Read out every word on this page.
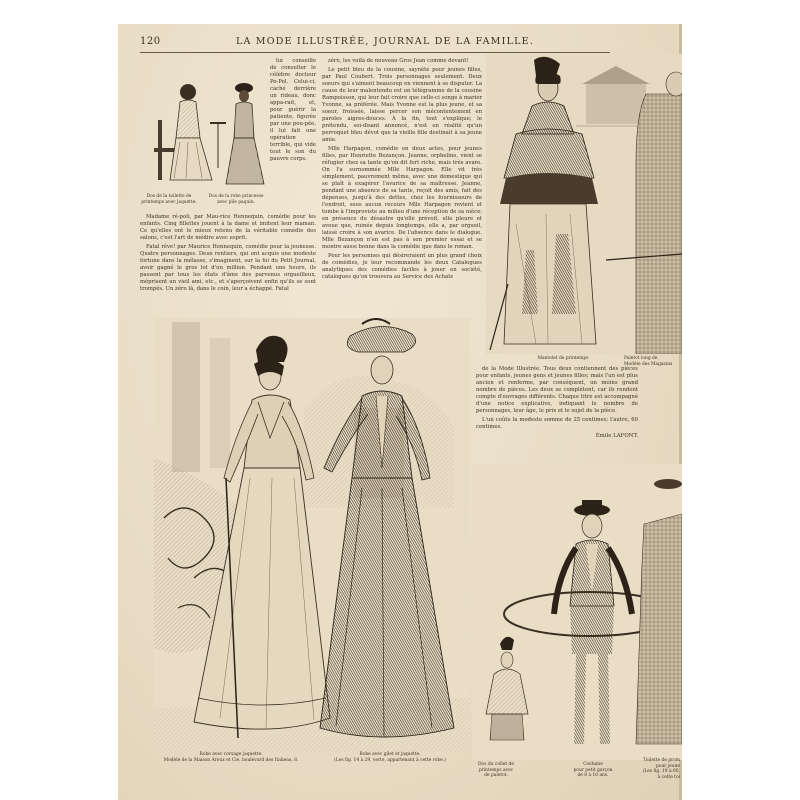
120	LA MODE ILLUSTRÉE, JOURNAL DE LA FAMILLE.
Dos de la toilette de printemps avec jaquette.
Dos de la robe princesse avec pile paquin.

lui conseille de consulter le célèbre docteur Po-Pol. Celui-ci, caché derrière un rideau, donc appa-rait, et, pour guérir la patiente, figurée par une pou-pée, il lui fait une opération terrible, qui vide tout le son du pauvre corps.

Madame ré-poli, par Mau-rice Hennequin, comédie pour les enfants. Cinq fillettes jouent à la dame et imitent leur maman. Ce qu'elles ont le mieux retenu de la véritable comédie des salons, c'est l'art de médire avec esprit.

Fatal rêve! par Maurice Hennequin, comédie pour la jeunesse. Quatre personnages. Deux rentiers, qui ont acquis une modeste fortune dans la mélasse, s'imaginent, sur la foi du Petit Journal, avoir gagné le gros lot d'un million. Pendant une heure, ils passent par tous les états d'âme des parvenus orgueilleux, méprisent un vieil ami, etc., et s'aperçoivent enfin qu'ils se sont trompés. Un zéro là, dans le coin, leur a échappé. Fatal

zéro, les voilà de nouveau Gros Jean comme devant!

Le petit bleu de la cousine, saynète pour jeunes filles, par Paul Coubert. Trois personnages seulement. Deux soeurs qui s'aiment beaucoup en viennent à se disputer. La cause de leur malentendu est un télégramme de la cousine Rampoisson, qui leur fait croire que celle-ci songe à marier Yvonne, sa préférée. Mais Yvonne est la plus jeune, et sa soeur, froissée, laisse percer son mécontentement en paroles aigres-douces. À la fin, tout s'explique; le prétendu, soi-disant annoncé, n'est en réalité qu'un perroquet bleu dévot que la vieille fille destinait à sa jeune amie.

Mlle Harpagon, comédie en deux actes, pour jeunes filles, par Henriette Bezançon. Jeanne, orpheline, vient se réfugier chez sa tante qu'on dit fort riche, mais très avare. On l'a surnommée Mlle Harpagon. Elle vit très simplement, pauvrement même, avec une domestique qui se plaît à exagérer l'avarice de sa maîtresse. Jeanne, pendant une absence de sa tante, reçoit des amis, fait des dépenses, jusqu'à des dettes, chez les fournisseurs de l'endroit, sous aucun recours Mlle Harpagon revient et tombe à l'improviste au milieu d'une réception de sa nièce; en présence du désastre qu'elle prévoit, elle pleure et avoue que, ruinée depuis longtemps, elle a, par orgueil, laissé croire à son avarice. De l'absence dans le dialogue. Mlle Bezançon n'en est pas à son premier essai et se montre aussi bonne dans la comédie que dans le roman.

Pour les personnes qui désireraient un plus grand choix de comédies, je leur recommande les deux Catalogues analytiques des comédies faciles à jouer en société, catalogues qu'on trouvera au Service des Achats

Mantelet de printemps	Paletot long de
Modèle des Magasins
Robe avec corsage jaquette.
Modèle de la Maison Aroux et Cie, boulevard des Italiens, 8.
Robe avec gilet et jaquette.
(Les fig. 14 à 29, verte, appartenant à cette robe.)

de la Mode Illustrée. Tous deux contiennent des pièces pour enfants, jeunes gens et jeunes filles; mais l'un est plus ancien et renferme, par conséquent, un moins grand nombre de pièces. Les deux se complètent, car ils rendent compte d'ouvrages différents. Chaque titre est accompagné d'une notice explicative, indiquant le nombre de personnages, leur âge, le prix et le sujet de la pièce.

L'un coûte la modeste somme de 25 centimes; l'autre, 60 centimes.

Émile LAFONT.
Dos du collet de printemps avec de paletot.
Costume
pour petit garçon
de 8 à 10 ans.
Toilette de prom
pour jeune
(Les fig. 19 à 60,
à cette toi
